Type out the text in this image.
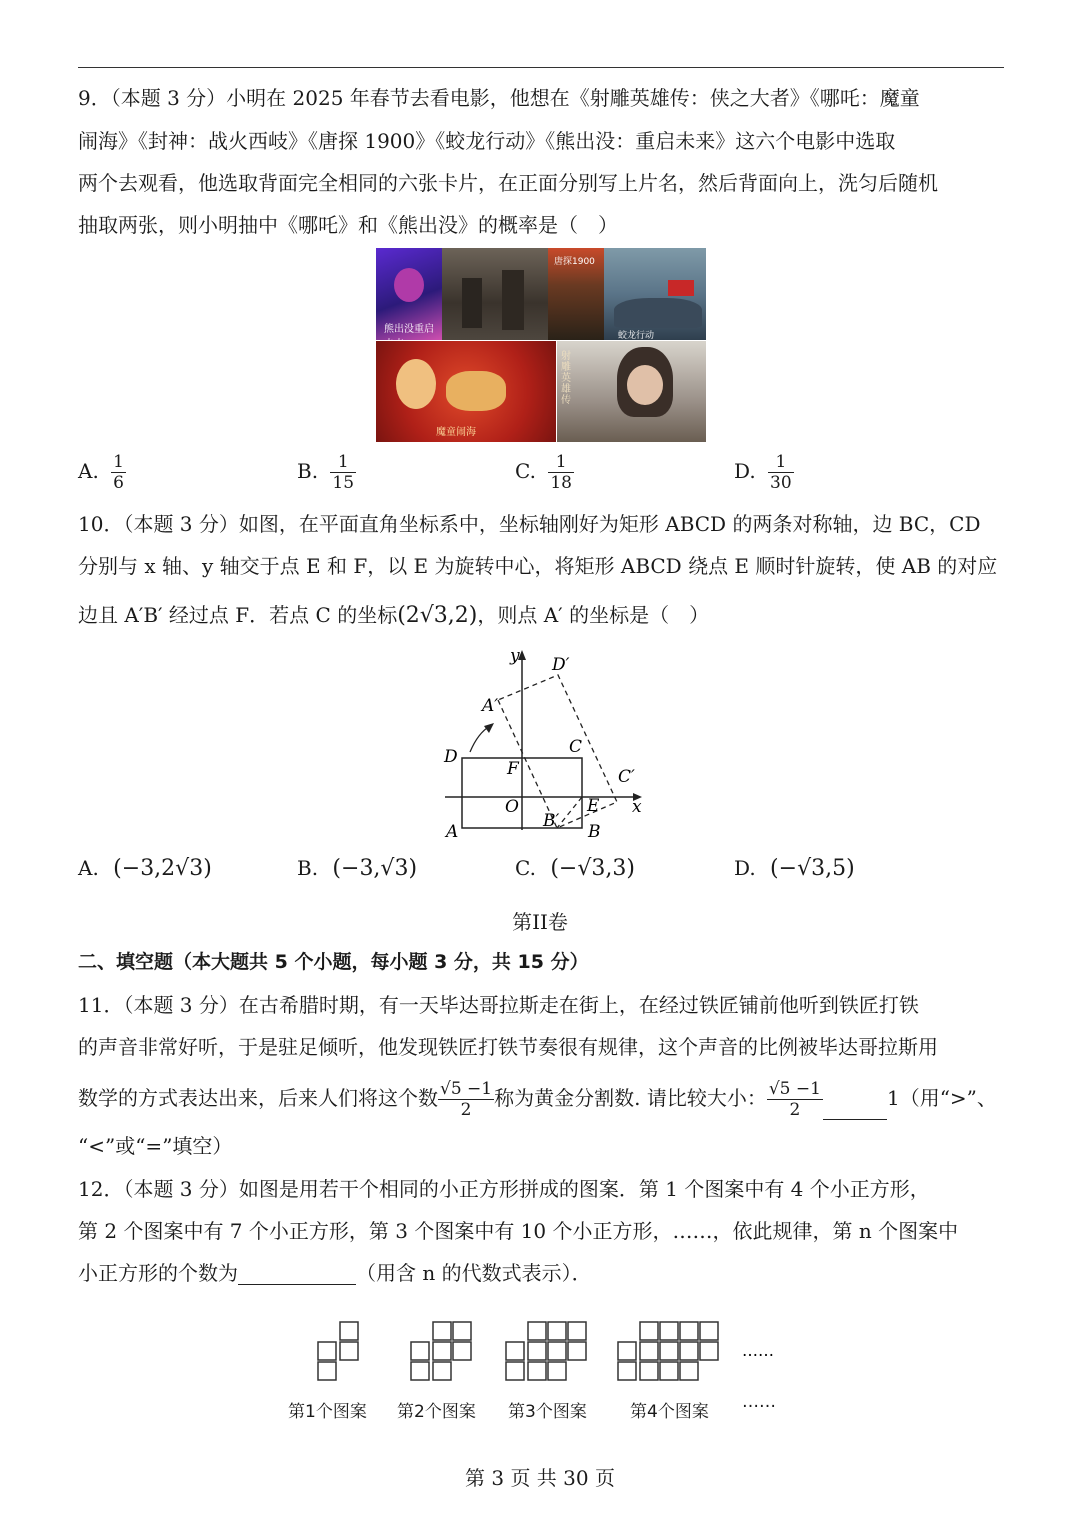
9．（本题 3 分）小明在 2025 年春节去看电影，他想在《射雕英雄传：侠之大者》《哪吒：魔童
闹海》《封神：战火西岐》《唐探 1900》《蛟龙行动》《熊出没：重启未来》这六个电影中选取
两个去观看，他选取背面完全相同的六张卡片，在正面分别写上片名，然后背面向上，洗匀后随机
抽取两张，则小明抽中《哪吒》和《熊出没》的概率是（　）
熊出没重启
唐探1900
蛟龙行动
魔童闹海
射雕英雄传
A. $\frac{1}{6}$	B. $\frac{1}{15}$	C. $\frac{1}{18}$	D. $\frac{1}{30}$
10．（本题 3 分）如图，在平面直角坐标系中，坐标轴刚好为矩形 ABCD 的两条对称轴，边 BC，CD
分别与 x 轴、y 轴交于点 E 和 F，以 E 为旋转中心，将矩形 ABCD 绕点 E 顺时针旋转，使 AB 的对应
边且 A′B′ 经过点 F．若点 C 的坐标(2√3,2)，则点 A′ 的坐标是（　）
y
x
O
A	B
C
D
E
F
A′
B′
C′
D′
A. (−3,2√3)	B. (−3,√3)	C. (−√3,3)	D. (−√3,5)
第II卷
二、填空题（本大题共 5 个小题，每小题 3 分，共 15 分）
11．（本题 3 分）在古希腊时期，有一天毕达哥拉斯走在街上，在经过铁匠铺前他听到铁匠打铁
的声音非常好听，于是驻足倾听，他发现铁匠打铁节奏很有规律，这个声音的比例被毕达哥拉斯用
数学的方式表达出来，后来人们将这个数 $\frac{√5 -1}{2}$ 称为黄金分割数. 请比较大小： $\frac{√5 -1}{2}$	1（用“>”、
“<”或“=”填空）
12．（本题 3 分）如图是用若干个相同的小正方形拼成的图案．第 1 个图案中有 4 个小正方形，
第 2 个图案中有 7 个小正方形，第 3 个图案中有 10 个小正方形，……，依此规律，第 n 个图案中
小正方形的个数为	（用含 n 的代数式表示）．
……
第1个图案 第2个图案 第3个图案	第4个图案 ……
第 3 页 共 30 页
